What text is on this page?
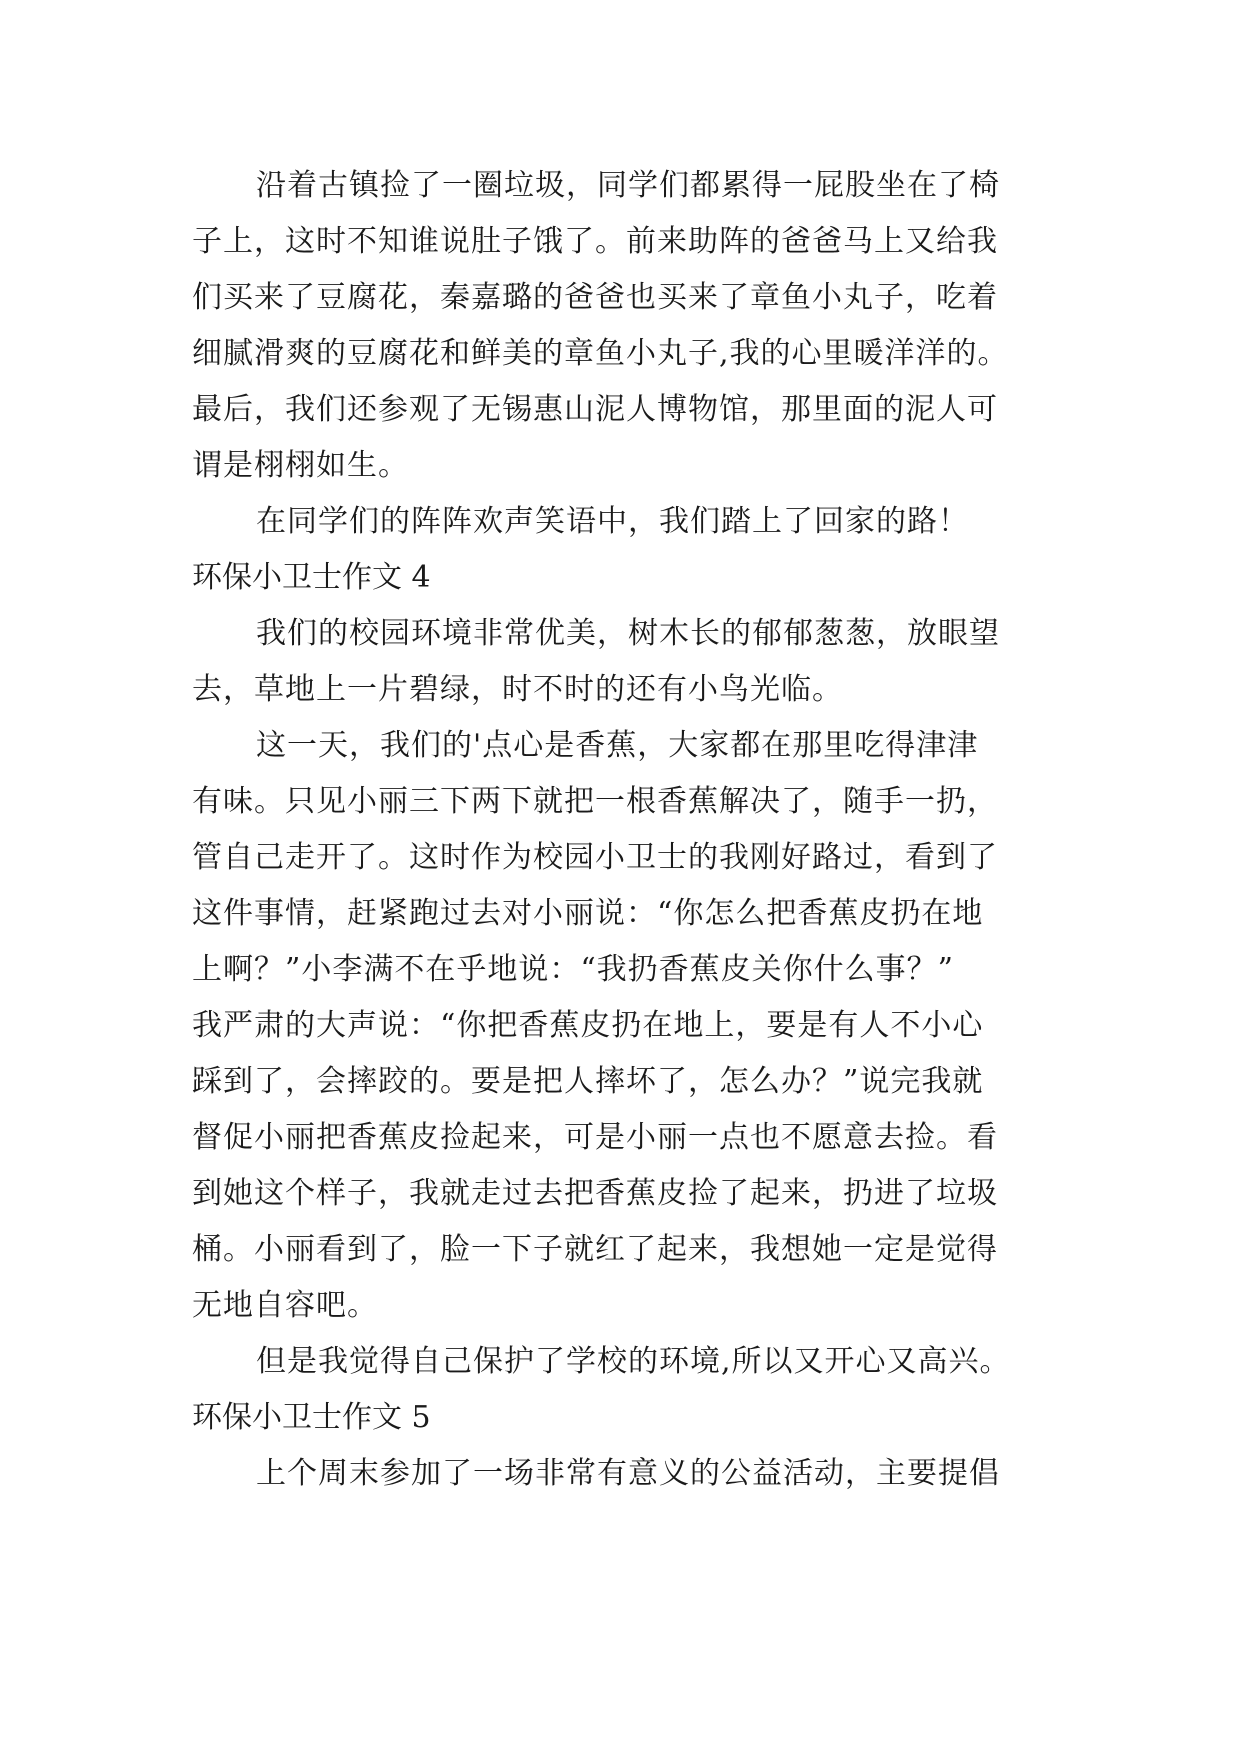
沿着古镇捡了一圈垃圾，同学们都累得一屁股坐在了椅
子上，这时不知谁说肚子饿了。前来助阵的爸爸马上又给我
们买来了豆腐花，秦嘉璐的爸爸也买来了章鱼小丸子，吃着
细腻滑爽的豆腐花和鲜美的章鱼小丸子,我的心里暖洋洋的。
最后，我们还参观了无锡惠山泥人博物馆，那里面的泥人可
谓是栩栩如生。
在同学们的阵阵欢声笑语中，我们踏上了回家的路！
环保小卫士作文 4
我们的校园环境非常优美，树木长的郁郁葱葱，放眼望
去，草地上一片碧绿，时不时的还有小鸟光临。
这一天，我们的'点心是香蕉，大家都在那里吃得津津
有味。只见小丽三下两下就把一根香蕉解决了，随手一扔，
管自己走开了。这时作为校园小卫士的我刚好路过，看到了
这件事情，赶紧跑过去对小丽说：“你怎么把香蕉皮扔在地
上啊？”小李满不在乎地说：“我扔香蕉皮关你什么事？”
我严肃的大声说：“你把香蕉皮扔在地上，要是有人不小心
踩到了，会摔跤的。要是把人摔坏了，怎么办？”说完我就
督促小丽把香蕉皮捡起来，可是小丽一点也不愿意去捡。看
到她这个样子，我就走过去把香蕉皮捡了起来，扔进了垃圾
桶。小丽看到了，脸一下子就红了起来，我想她一定是觉得
无地自容吧。
但是我觉得自己保护了学校的环境,所以又开心又高兴。
环保小卫士作文 5
上个周末参加了一场非常有意义的公益活动，主要提倡
